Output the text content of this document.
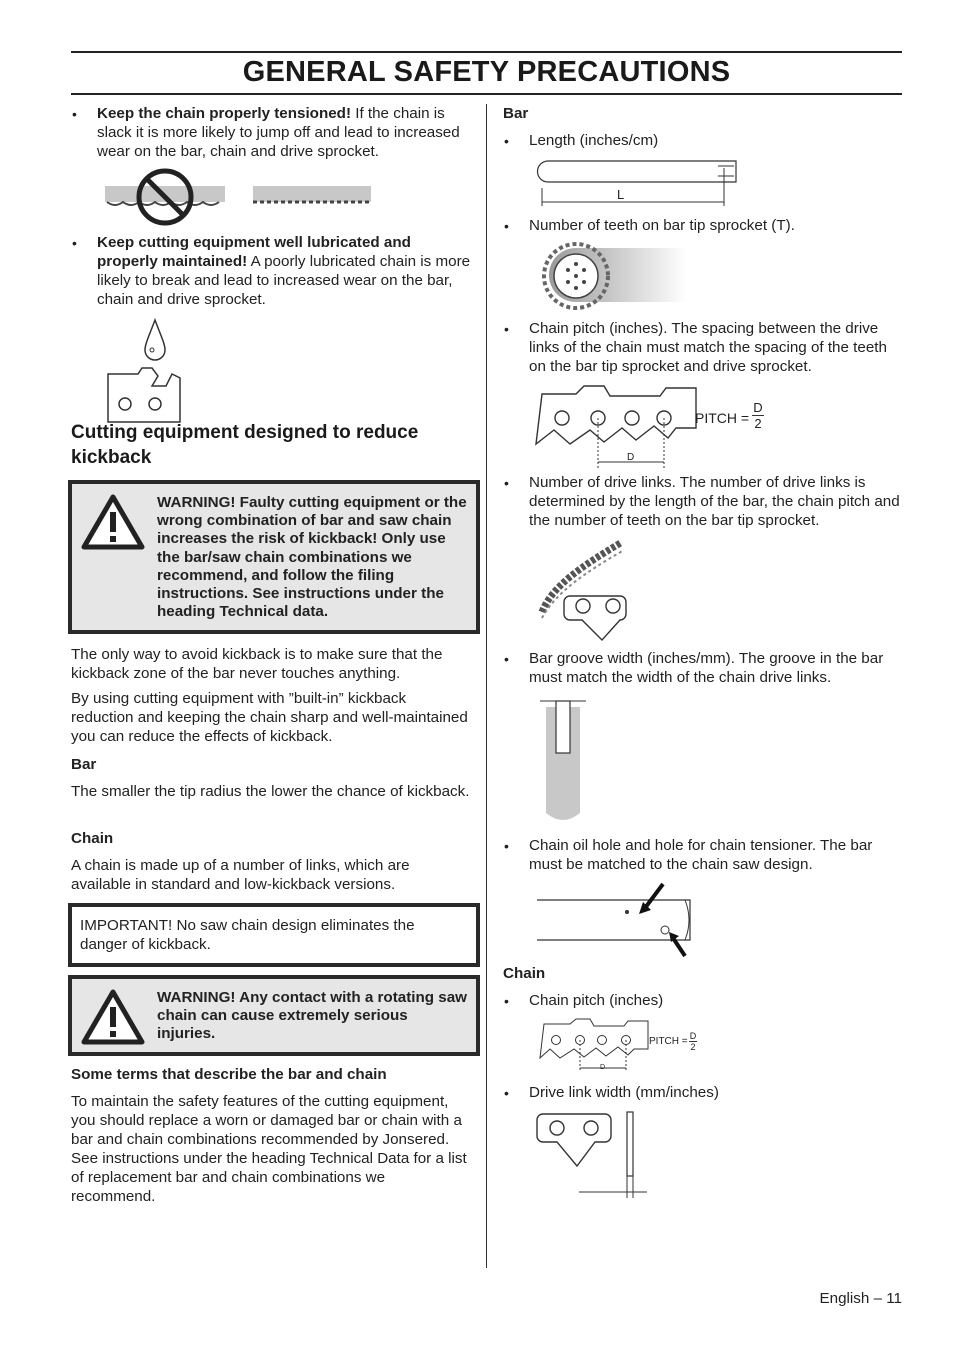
GENERAL SAFETY PRECAUTIONS
• Keep the chain properly tensioned! If the chain is slack it is more likely to jump off and lead to increased wear on the bar, chain and drive sprocket.
• Keep cutting equipment well lubricated and properly maintained! A poorly lubricated chain is more likely to break and lead to increased wear on the bar, chain and drive sprocket.
Cutting equipment designed to reduce kickback
WARNING! Faulty cutting equipment or the wrong combination of bar and saw chain increases the risk of kickback! Only use the bar/saw chain combinations we recommend, and follow the filing instructions. See instructions under the heading Technical data.
The only way to avoid kickback is to make sure that the kickback zone of the bar never touches anything.
By using cutting equipment with ”built-in” kickback reduction and keeping the chain sharp and well-maintained you can reduce the effects of kickback.
Bar
The smaller the tip radius the lower the chance of kickback.
Chain
A chain is made up of a number of links, which are available in standard and low-kickback versions.
IMPORTANT! No saw chain design eliminates the danger of kickback.
WARNING! Any contact with a rotating saw chain can cause extremely serious injuries.
Some terms that describe the bar and chain
To maintain the safety features of the cutting equipment, you should replace a worn or damaged bar or chain with a bar and chain combinations recommended by Jonsered. See instructions under the heading Technical Data for a list of replacement bar and chain combinations we recommend.
Bar
• Length (inches/cm)
L
• Number of teeth on bar tip sprocket (T).
• Chain pitch (inches). The spacing between the drive links of the chain must match the spacing of the teeth on the bar tip sprocket and drive sprocket.
D
PITCH =
D
2
• Number of drive links. The number of drive links is determined by the length of the bar, the chain pitch and the number of teeth on the bar tip sprocket.
• Bar groove width (inches/mm). The groove in the bar must match the width of the chain drive links.
• Chain oil hole and hole for chain tensioner. The bar must be matched to the chain saw design.
Chain
• Chain pitch (inches)
D
PITCH = D
2
• Drive link width (mm/inches)
English – 11
